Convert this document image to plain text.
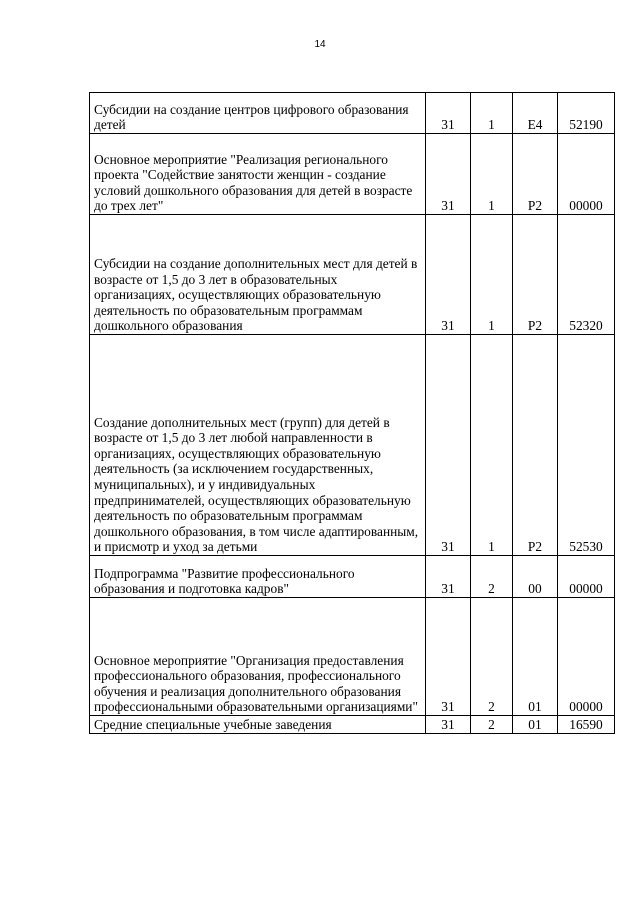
14
Субсидии на создание центров цифрового образования детей	31	1	E4	52190
Основное мероприятие "Реализация регионального проекта "Содействие занятости женщин - создание условий дошкольного образования для детей в возрасте до трех лет"	31	1	P2	00000
Субсидии на создание дополнительных мест для детей в возрасте от 1,5 до 3 лет в образовательных организациях, осуществляющих образовательную деятельность по образовательным программам дошкольного образования	31	1	P2	52320
Создание дополнительных мест (групп) для детей в возрасте от 1,5 до 3 лет любой направленности в организациях, осуществляющих образовательную деятельность (за исключением государственных, муниципальных), и у индивидуальных предпринимателей, осуществляющих образовательную деятельность по образовательным программам дошкольного образования, в том числе адаптированным, и присмотр и уход за детьми	31	1	P2	52530
Подпрограмма "Развитие профессионального образования и подготовка кадров"	31	2	00	00000
Основное мероприятие "Организация предоставления профессионального образования, профессионального обучения и реализация дополнительного образования профессиональными образовательными организациями"	31	2	01	00000
Средние специальные учебные заведения	31	2	01	16590
